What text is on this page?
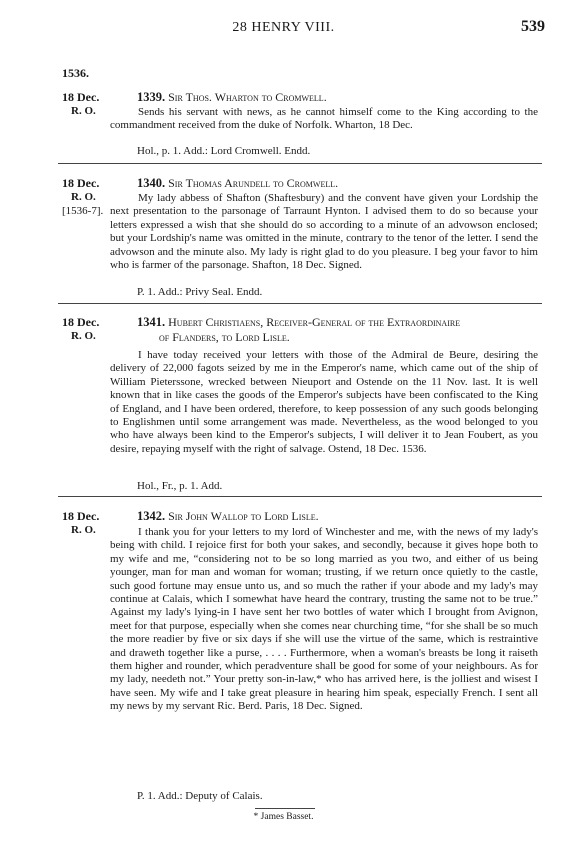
28 HENRY VIII.	539
1536.
18 Dec.
R. O.
1339. Sir Thos. Wharton to Cromwell.
Sends his servant with news, as he cannot himself come to the King according to the commandment received from the duke of Norfolk. Wharton, 18 Dec.
Hol., p. 1. Add.: Lord Cromwell. Endd.
18 Dec.
R. O.
[1536-7].
1340. Sir Thomas Arundell to Cromwell.
My lady abbess of Shafton (Shaftesbury) and the convent have given your Lordship the next presentation to the parsonage of Tarraunt Hynton. I advised them to do so because your letters expressed a wish that she should do so according to a minute of an advowson enclosed; but your Lordship's name was omitted in the minute, contrary to the tenor of the letter. I send the advowson and the minute also. My lady is right glad to do you pleasure. I beg your favor to him who is farmer of the parsonage. Shafton, 18 Dec. Signed.
P. 1. Add.: Privy Seal. Endd.
18 Dec.
R. O.
1341. Hubert Christiaens, Receiver-General of the Extraordinaire
of Flanders, to Lord Lisle.
I have today received your letters with those of the Admiral de Beure, desiring the delivery of 22,000 fagots seized by me in the Emperor's name, which came out of the ship of William Pieterssone, wrecked between Nieuport and Ostende on the 11 Nov. last. It is well known that in like cases the goods of the Emperor's subjects have been confiscated to the King of England, and I have been ordered, therefore, to keep possession of any such goods belonging to Englishmen until some arrangement was made. Nevertheless, as the wood belonged to you who have always been kind to the Emperor's subjects, I will deliver it to Jean Foubert, as you desire, repaying myself with the right of salvage. Ostend, 18 Dec. 1536.
Hol., Fr., p. 1. Add.
18 Dec.
R. O.
1342. Sir John Wallop to Lord Lisle.
I thank you for your letters to my lord of Winchester and me, with the news of my lady's being with child. I rejoice first for both your sakes, and secondly, because it gives hope both to my wife and me, “considering not to be so long married as you two, and either of us being younger, man for man and woman for woman; trusting, if we return once quietly to the castle, such good fortune may ensue unto us, and so much the rather if your abode and my lady's may continue at Calais, which I somewhat have heard the contrary, trusting the same not to be true.” Against my lady's lying-in I have sent her two bottles of water which I brought from Avignon, meet for that purpose, especially when she comes near churching time, “for she shall be so much the more readier by five or six days if she will use the virtue of the same, which is restraintive and draweth together like a purse, . . . . Furthermore, when a woman's breasts be long it raiseth them higher and rounder, which peradventure shall be good for some of your neighbours. As for my lady, needeth not.” Your pretty son-in-law,* who has arrived here, is the jolliest and wisest I have seen. My wife and I take great pleasure in hearing him speak, especially French. I sent all my news by my servant Ric. Berd. Paris, 18 Dec. Signed.
P. 1. Add.: Deputy of Calais.
* James Basset.
